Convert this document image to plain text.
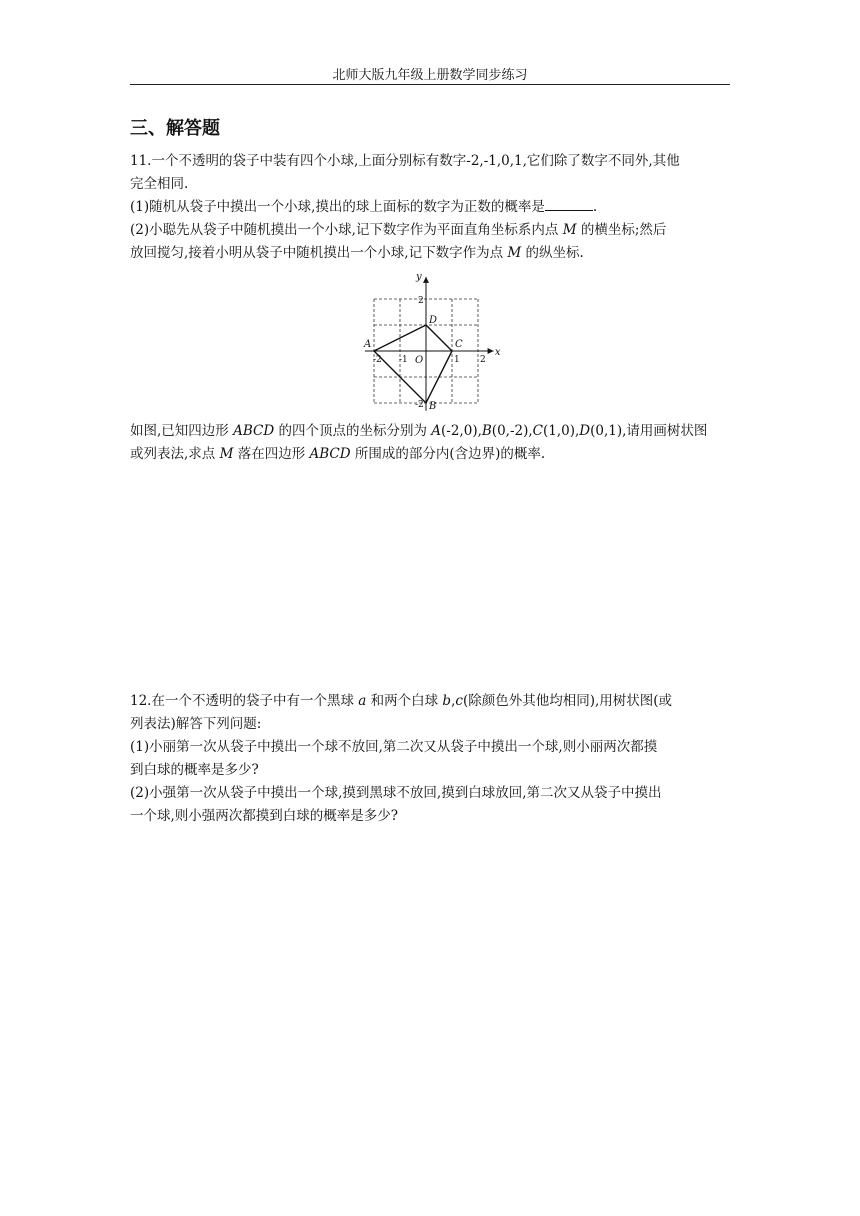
北师大版九年级上册数学同步练习
三、解答题
11.一个不透明的袋子中装有四个小球,上面分别标有数字-2,-1,0,1,它们除了数字不同外,其他
完全相同.
(1)随机从袋子中摸出一个小球,摸出的球上面标的数字为正数的概率是	.
(2)小聪先从袋子中随机摸出一个小球,记下数字作为平面直角坐标系内点 M 的横坐标;然后
放回搅匀,接着小明从袋子中随机摸出一个小球,记下数字作为点 M 的纵坐标.
x
y
O
-2 -1	1 2
2
-2
A
B
C
D
如图,已知四边形 ABCD 的四个顶点的坐标分别为 A(-2,0),B(0,-2),C(1,0),D(0,1),请用画树状图
或列表法,求点 M 落在四边形 ABCD 所围成的部分内(含边界)的概率.
12.在一个不透明的袋子中有一个黑球 a 和两个白球 b,c(除颜色外其他均相同),用树状图(或
列表法)解答下列问题:
(1)小丽第一次从袋子中摸出一个球不放回,第二次又从袋子中摸出一个球,则小丽两次都摸
到白球的概率是多少?
(2)小强第一次从袋子中摸出一个球,摸到黑球不放回,摸到白球放回,第二次又从袋子中摸出
一个球,则小强两次都摸到白球的概率是多少?
